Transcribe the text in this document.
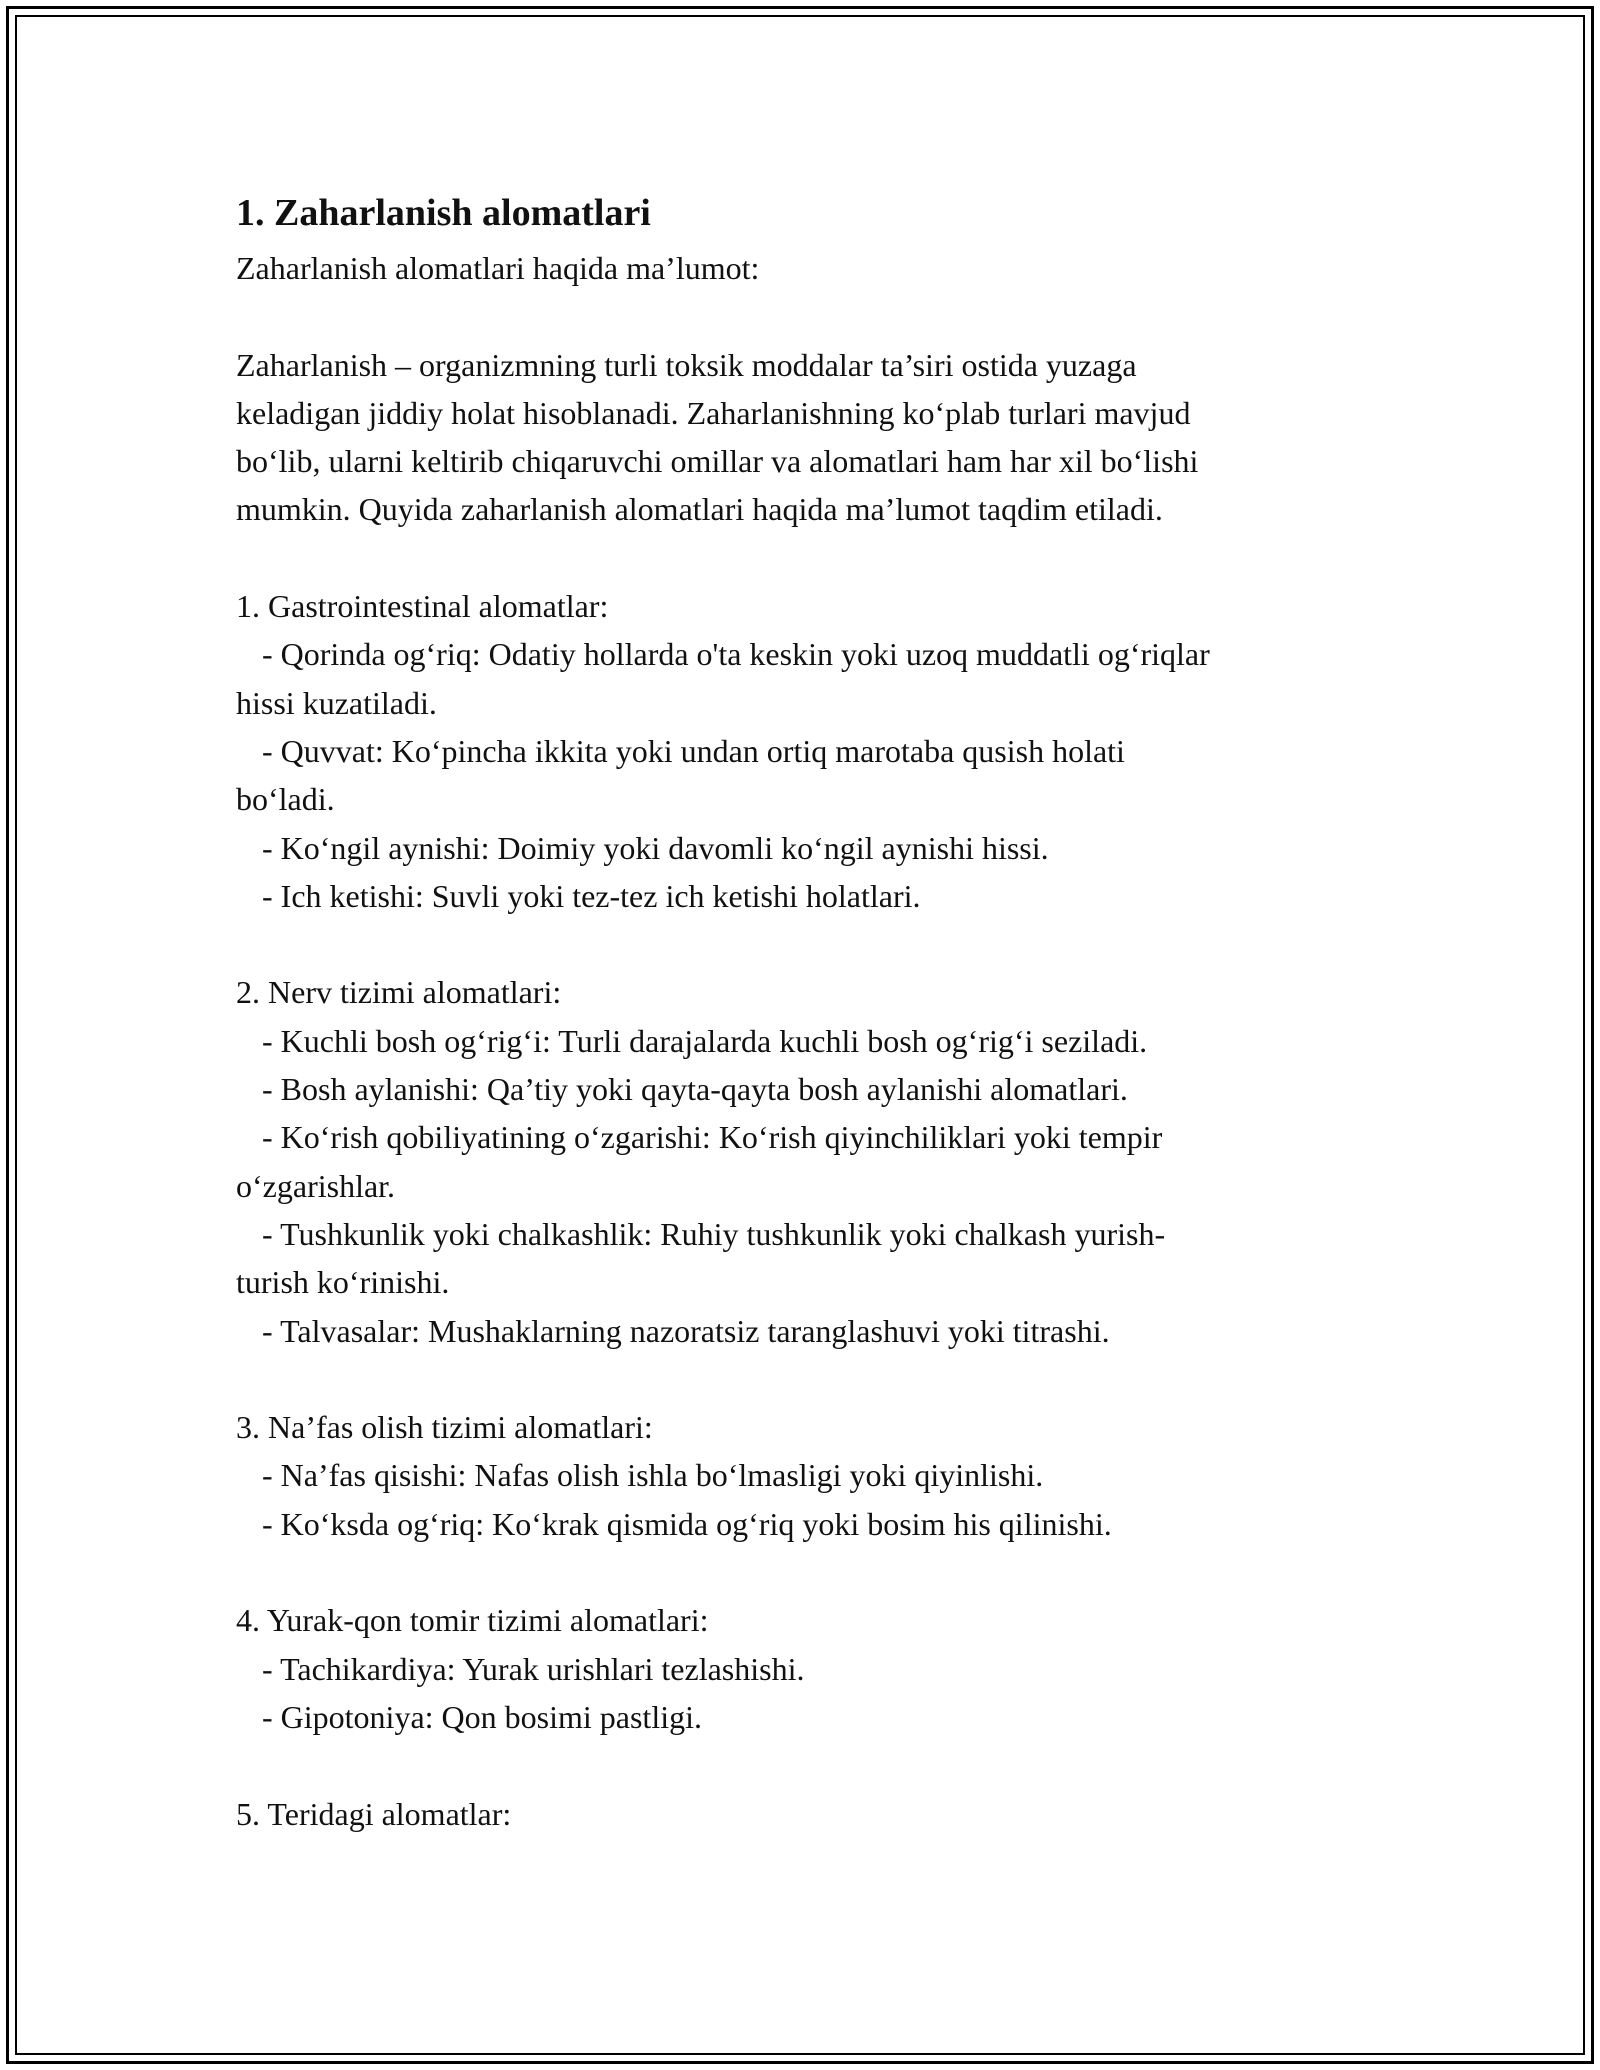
1. Zaharlanish alomatlari
Zaharlanish alomatlari haqida ma’lumot:
Zaharlanish – organizmning turli toksik moddalar ta’siri ostida yuzaga
keladigan jiddiy holat hisoblanadi. Zaharlanishning ko‘plab turlari mavjud
bo‘lib, ularni keltirib chiqaruvchi omillar va alomatlari ham har xil bo‘lishi
mumkin. Quyida zaharlanish alomatlari haqida ma’lumot taqdim etiladi.
1. Gastrointestinal alomatlar:
- Qorinda og‘riq: Odatiy hollarda o'ta keskin yoki uzoq muddatli og‘riqlar
hissi kuzatiladi.
- Quvvat: Ko‘pincha ikkita yoki undan ortiq marotaba qusish holati
bo‘ladi.
- Ko‘ngil aynishi: Doimiy yoki davomli ko‘ngil aynishi hissi.
- Ich ketishi: Suvli yoki tez-tez ich ketishi holatlari.
2. Nerv tizimi alomatlari:
- Kuchli bosh og‘rig‘i: Turli darajalarda kuchli bosh og‘rig‘i seziladi.
- Bosh aylanishi: Qa’tiy yoki qayta-qayta bosh aylanishi alomatlari.
- Ko‘rish qobiliyatining o‘zgarishi: Ko‘rish qiyinchiliklari yoki tempir
o‘zgarishlar.
- Tushkunlik yoki chalkashlik: Ruhiy tushkunlik yoki chalkash yurish-
turish ko‘rinishi.
- Talvasalar: Mushaklarning nazoratsiz taranglashuvi yoki titrashi.
3. Na’fas olish tizimi alomatlari:
- Na’fas qisishi: Nafas olish ishla bo‘lmasligi yoki qiyinlishi.
- Ko‘ksda og‘riq: Ko‘krak qismida og‘riq yoki bosim his qilinishi.
4. Yurak-qon tomir tizimi alomatlari:
- Tachikardiya: Yurak urishlari tezlashishi.
- Gipotoniya: Qon bosimi pastligi.
5. Teridagi alomatlar:
